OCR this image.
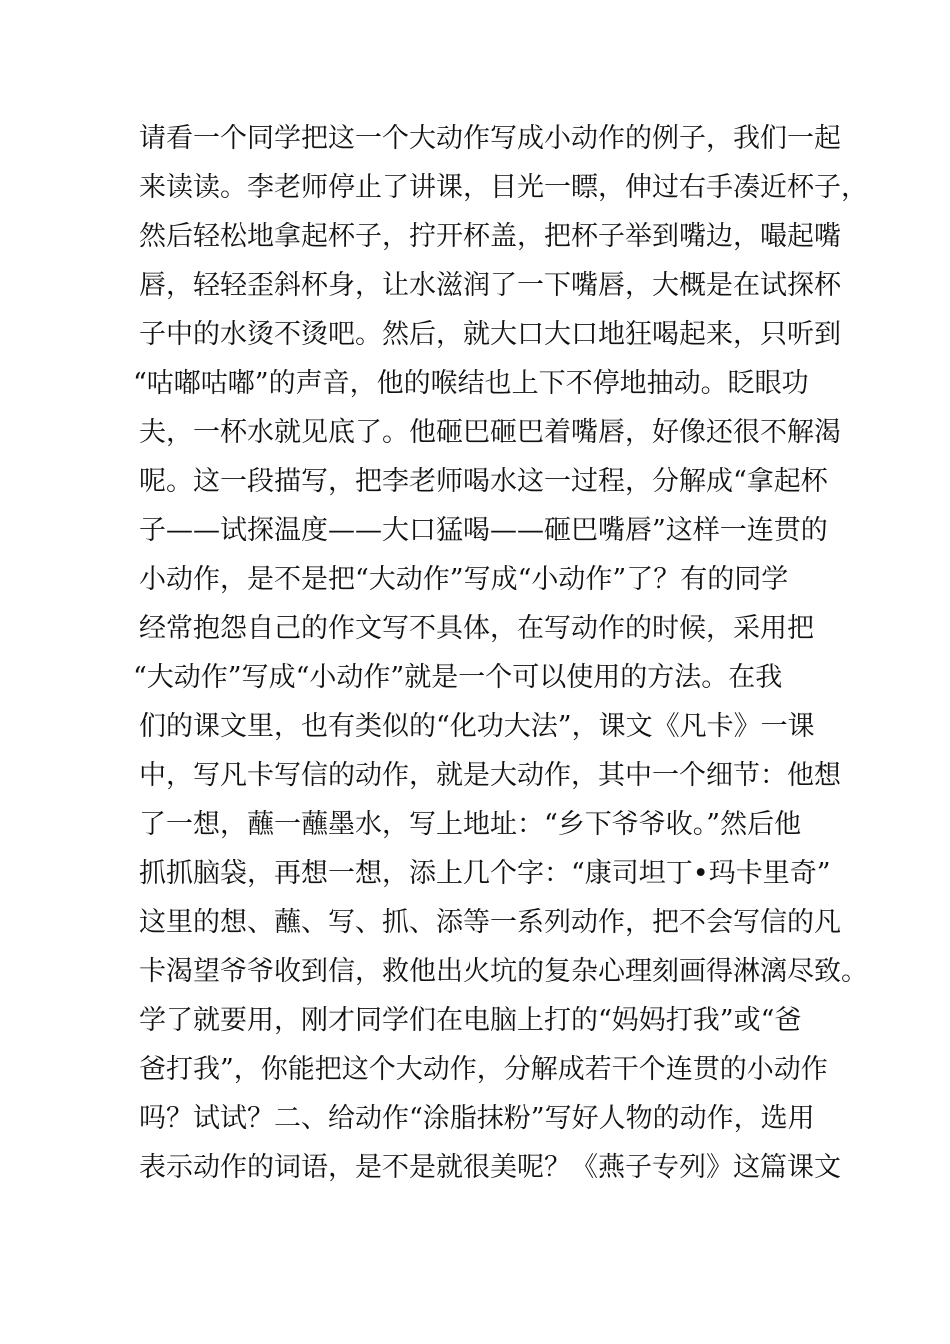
请看一个同学把这一个大动作写成小动作的例子，我们一起
来读读。李老师停止了讲课，目光一瞟，伸过右手凑近杯子，
然后轻松地拿起杯子，拧开杯盖，把杯子举到嘴边，嘬起嘴
唇，轻轻歪斜杯身，让水滋润了一下嘴唇，大概是在试探杯
子中的水烫不烫吧。然后，就大口大口地狂喝起来，只听到
“咕嘟咕嘟”的声音，他的喉结也上下不停地抽动。眨眼功
夫，一杯水就见底了。他砸巴砸巴着嘴唇，好像还很不解渴
呢。这一段描写，把李老师喝水这一过程，分解成“拿起杯
子——试探温度——大口猛喝——砸巴嘴唇”这样一连贯的
小动作，是不是把“大动作”写成“小动作”了？有的同学
经常抱怨自己的作文写不具体，在写动作的时候，采用把
“大动作”写成“小动作”就是一个可以使用的方法。在我
们的课文里，也有类似的“化功大法”，课文《凡卡》一课
中，写凡卡写信的动作，就是大动作，其中一个细节：他想
了一想，蘸一蘸墨水，写上地址：“乡下爷爷收。”然后他
抓抓脑袋，再想一想，添上几个字：“康司坦丁•玛卡里奇”
这里的想、蘸、写、抓、添等一系列动作，把不会写信的凡
卡渴望爷爷收到信，救他出火坑的复杂心理刻画得淋漓尽致。
学了就要用，刚才同学们在电脑上打的“妈妈打我”或“爸
爸打我”，你能把这个大动作，分解成若干个连贯的小动作
吗？试试？二、给动作“涂脂抹粉”写好人物的动作，选用
表示动作的词语，是不是就很美呢？《燕子专列》这篇课文
